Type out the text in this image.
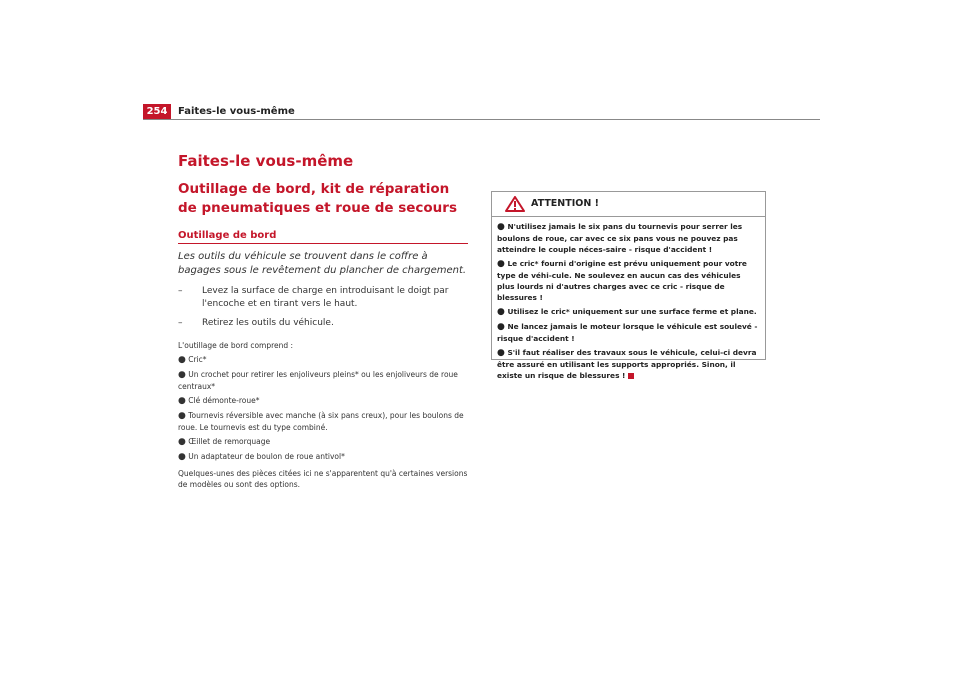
254	Faites-le vous-même
Faites-le vous-même
Outillage de bord, kit de réparation de pneumatiques et roue de secours
Outillage de bord

Les outils du véhicule se trouvent dans le coffre à bagages sous le revêtement du plancher de chargement.

– Levez la surface de charge en introduisant le doigt par l'encoche et en tirant vers le haut.
– Retirez les outils du véhicule.

L'outillage de bord comprend :

● Cric*
● Un crochet pour retirer les enjoliveurs pleins* ou les enjoliveurs de roue centraux*
● Clé démonte-roue*
● Tournevis réversible avec manche (à six pans creux), pour les boulons de roue. Le tournevis est du type combiné.
● Œillet de remorquage
● Un adaptateur de boulon de roue antivol*

Quelques-unes des pièces citées ici ne s'apparentent qu'à certaines versions de modèles ou sont des options.

ATTENTION !
● N'utilisez jamais le six pans du tournevis pour serrer les boulons de roue, car avec ce six pans vous ne pouvez pas atteindre le couple néces-saire - risque d'accident !
● Le cric* fourni d'origine est prévu uniquement pour votre type de véhi-cule. Ne soulevez en aucun cas des véhicules plus lourds ni d'autres charges avec ce cric - risque de blessures !
● Utilisez le cric* uniquement sur une surface ferme et plane.
● Ne lancez jamais le moteur lorsque le véhicule est soulevé - risque d'accident !
● S'il faut réaliser des travaux sous le véhicule, celui-ci devra être assuré en utilisant les supports appropriés. Sinon, il existe un risque de blessures !
